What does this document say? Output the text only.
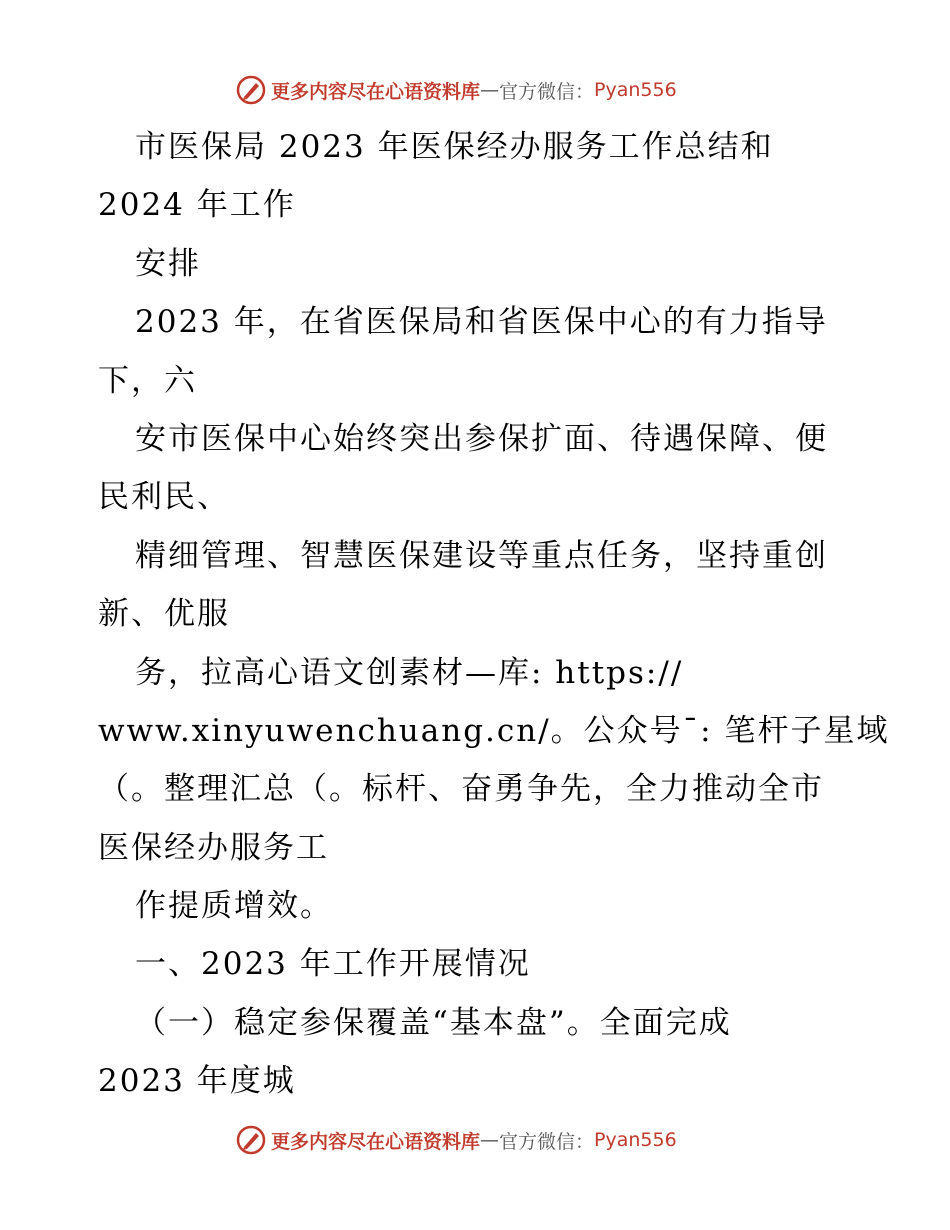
更多内容尽在心语资料库 — 官方微信： Pyan556
市医保局 2023 年医保经办服务工作总结和
2024 年工作
安排
2023 年，在省医保局和省医保中心的有力指导
下，六
安市医保中心始终突出参保扩面、待遇保障、便
民利民、
精细管理、智慧医保建设等重点任务，坚持重创
新、优服
务，拉高心语文创素材—库: https://
www.xinyuwenchuang.cn/。公众号¯: 笔杆子星域
（。整理汇总（。标杆、奋勇争先，全力推动全市
医保经办服务工
作提质增效。
一、2023 年工作开展情况
（一）稳定参保覆盖“基本盘”。全面完成
2023 年度城
更多内容尽在心语资料库 — 官方微信： Pyan556
